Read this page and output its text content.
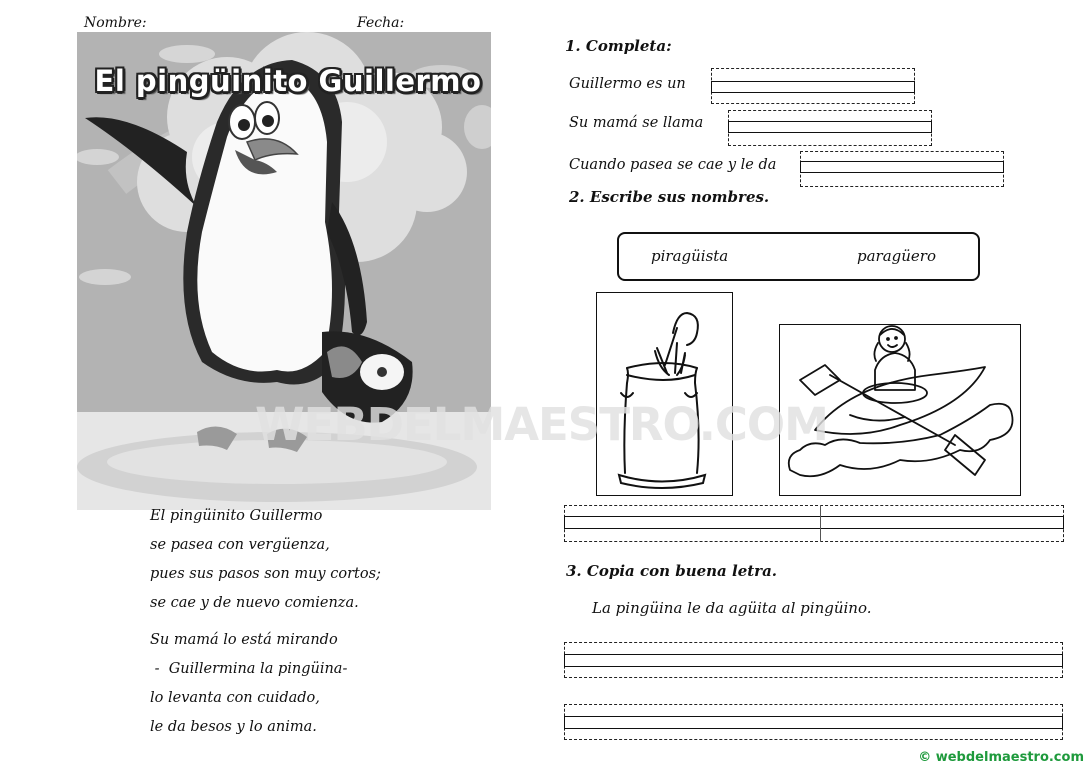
Nombre:	Fecha:
El pingüinito Guillermo
El pingüinito Guillermo
se pasea con vergüenza,
pues sus pasos son muy cortos;
se cae y de nuevo comienza.
Su mamá lo está mirando
-  Guillermina la pingüina-
lo levanta con cuidado,
le da besos y lo anima.
1. Completa:
Guillermo es un
Su mamá se llama
Cuando pasea se cae y le da
2. Escribe sus nombres.
piragüista	paragüero
3. Copia con buena letra.
La pingüina le da agüita al pingüino.
WEBDELMAESTRO.COM
© webdelmaestro.com
